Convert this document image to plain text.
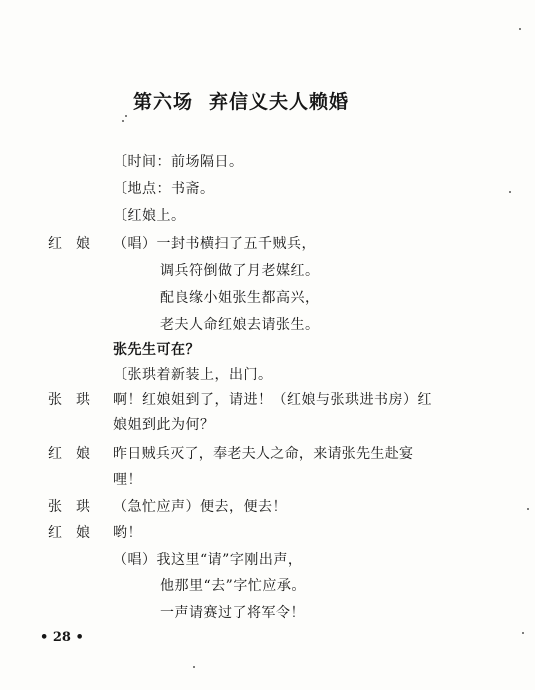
第六场 弃信义夫人赖婚
〔时间：前场隔日。
〔地点：书斋。
〔红娘上。
红娘 （唱）一封书横扫了五千贼兵，
调兵符倒做了月老媒红。
配良缘小姐张生都高兴，
老夫人命红娘去请张生。
张先生可在？
〔张珙着新装上，出门。
张珙 啊！红娘姐到了，请进！（红娘与张珙进书房）红
娘姐到此为何？
红娘 昨日贼兵灭了，奉老夫人之命，来请张先生赴宴
哩！
张珙 （急忙应声）便去，便去！
红娘 哟！
（唱）我这里“请”字刚出声，
他那里“去”字忙应承。
一声请赛过了将军令！
• 28 •
